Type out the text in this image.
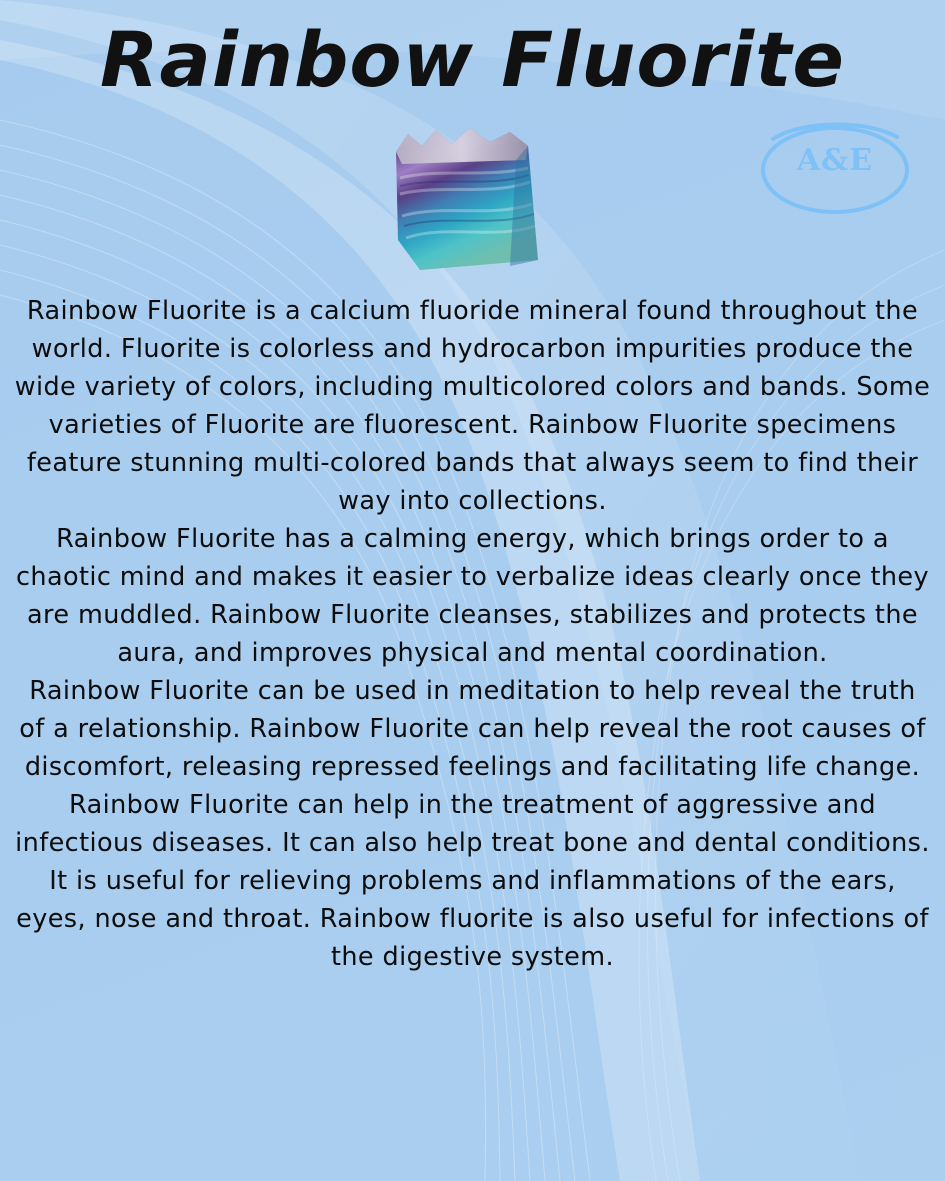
Rainbow Fluorite
A&E

Rainbow Fluorite is a calcium fluoride mineral found throughout the world. Fluorite is colorless and hydrocarbon impurities produce the wide variety of colors, including multicolored colors and bands. Some varieties of Fluorite are fluorescent. Rainbow Fluorite specimens feature stunning multi-colored bands that always seem to find their way into collections.

Rainbow Fluorite has a calming energy, which brings order to a chaotic mind and makes it easier to verbalize ideas clearly once they are muddled. Rainbow Fluorite cleanses, stabilizes and protects the aura, and improves physical and mental coordination.

Rainbow Fluorite can be used in meditation to help reveal the truth of a relationship. Rainbow Fluorite can help reveal the root causes of discomfort, releasing repressed feelings and facilitating life change.

Rainbow Fluorite can help in the treatment of aggressive and infectious diseases. It can also help treat bone and dental conditions. It is useful for relieving problems and inflammations of the ears, eyes, nose and throat. Rainbow fluorite is also useful for infections of the digestive system.
